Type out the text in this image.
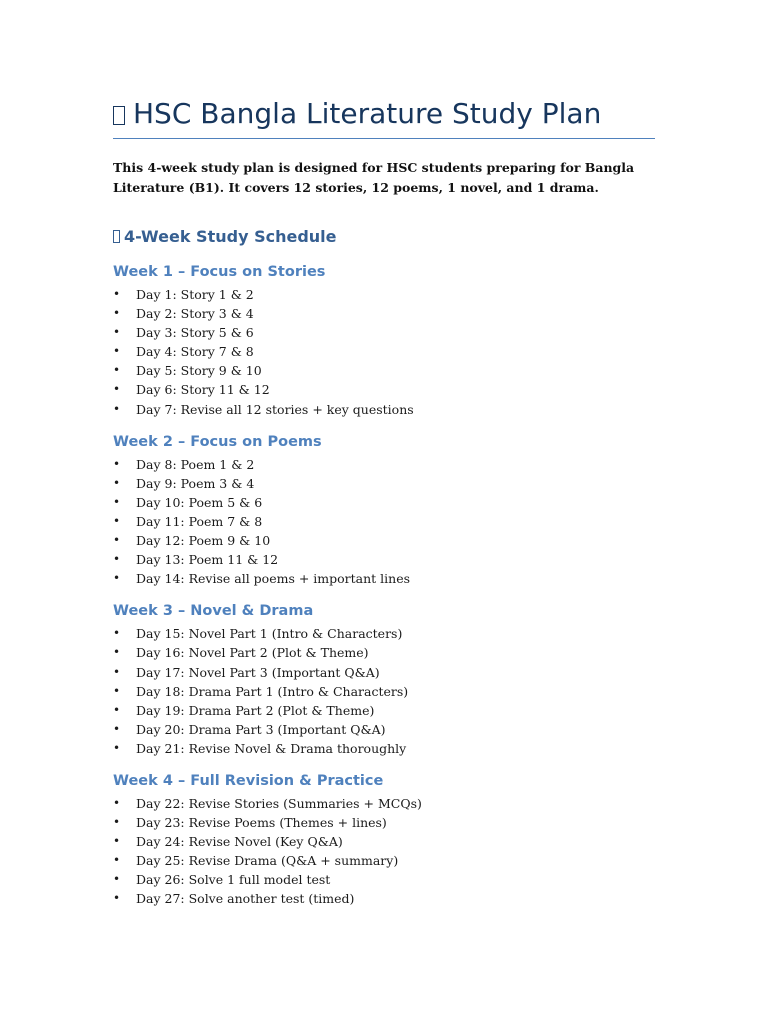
HSC Bangla Literature Study Plan

This 4-week study plan is designed for HSC students preparing for Bangla Literature (B1). It covers 12 stories, 12 poems, 1 novel, and 1 drama.

4-Week Study Schedule
Week 1 – Focus on Stories
• Day 1: Story 1 & 2
• Day 2: Story 3 & 4
• Day 3: Story 5 & 6
• Day 4: Story 7 & 8
• Day 5: Story 9 & 10
• Day 6: Story 11 & 12
• Day 7: Revise all 12 stories + key questions
Week 2 – Focus on Poems
• Day 8: Poem 1 & 2
• Day 9: Poem 3 & 4
• Day 10: Poem 5 & 6
• Day 11: Poem 7 & 8
• Day 12: Poem 9 & 10
• Day 13: Poem 11 & 12
• Day 14: Revise all poems + important lines
Week 3 – Novel & Drama
• Day 15: Novel Part 1 (Intro & Characters)
• Day 16: Novel Part 2 (Plot & Theme)
• Day 17: Novel Part 3 (Important Q&A)
• Day 18: Drama Part 1 (Intro & Characters)
• Day 19: Drama Part 2 (Plot & Theme)
• Day 20: Drama Part 3 (Important Q&A)
• Day 21: Revise Novel & Drama thoroughly
Week 4 – Full Revision & Practice
• Day 22: Revise Stories (Summaries + MCQs)
• Day 23: Revise Poems (Themes + lines)
• Day 24: Revise Novel (Key Q&A)
• Day 25: Revise Drama (Q&A + summary)
• Day 26: Solve 1 full model test
• Day 27: Solve another test (timed)
